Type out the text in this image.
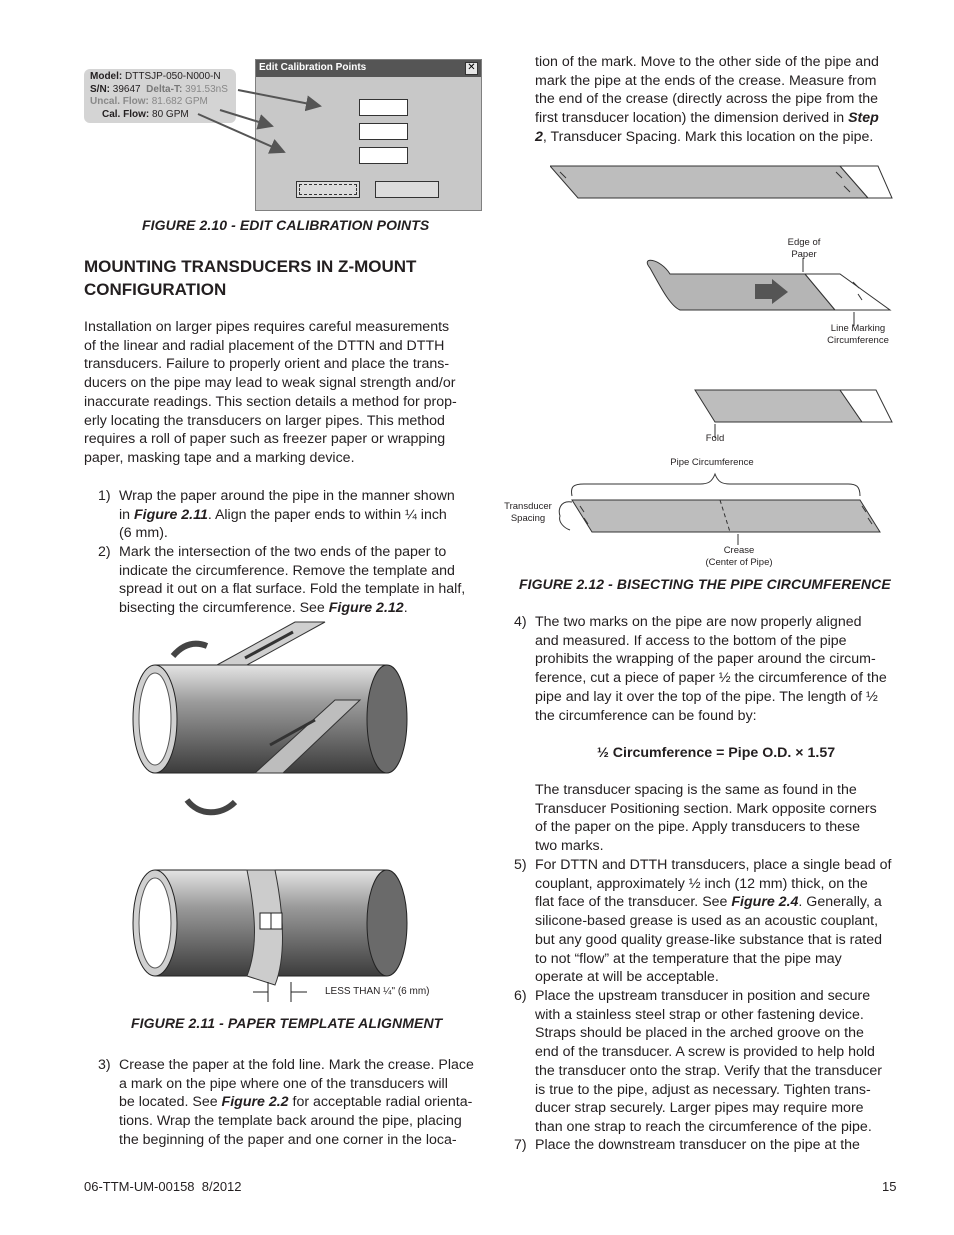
Edit Calibration Points	✕
Model: DTTSJP-050-N000-N
S/N: 39647 Delta-T: 391.53nS
Uncal. Flow: 81.682 GPM
Cal. Flow: 80 GPM
FIGURE 2.10 - EDIT CALIBRATION POINTS
MOUNTING TRANSDUCERS IN Z-MOUNT
CONFIGURATION
Installation on larger pipes requires careful measurements
of the linear and radial placement of the DTTN and DTTH
transducers. Failure to properly orient and place the trans-
ducers on the pipe may lead to weak signal strength and/or
inaccurate readings. This section details a method for prop-
erly locating the transducers on larger pipes. This method
requires a roll of paper such as freezer paper or wrapping
paper, masking tape and a marking device.
1) Wrap the paper around the pipe in the manner shown
in Figure 2.11. Align the paper ends to within ¼ inch
(6 mm).
2) Mark the intersection of the two ends of the paper to
indicate the circumference. Remove the template and
spread it out on a flat surface. Fold the template in half,
bisecting the circumference. See Figure 2.12.
LESS THAN ¼" (6 mm)
FIGURE 2.11 - PAPER TEMPLATE ALIGNMENT
3) Crease the paper at the fold line. Mark the crease. Place
a mark on the pipe where one of the transducers will
be located. See Figure 2.2 for acceptable radial orienta-
tions. Wrap the template back around the pipe, placing
the beginning of the paper and one corner in the loca-
tion of the mark. Move to the other side of the pipe and
mark the pipe at the ends of the crease. Measure from
the end of the crease (directly across the pipe from the
first transducer location) the dimension derived in Step
2, Transducer Spacing. Mark this location on the pipe.
Edge of
Paper
Line Marking
Circumference
Fold
Pipe Circumference
Transducer
Spacing
Crease
(Center of Pipe)
FIGURE 2.12 - BISECTING THE PIPE CIRCUMFERENCE
4) The two marks on the pipe are now properly aligned
and measured. If access to the bottom of the pipe
prohibits the wrapping of the paper around the circum-
ference, cut a piece of paper ½ the circumference of the
pipe and lay it over the top of the pipe. The length of ½
the circumference can be found by:
½ Circumference = Pipe O.D. × 1.57
The transducer spacing is the same as found in the
Transducer Positioning section. Mark opposite corners
of the paper on the pipe. Apply transducers to these
two marks.
5) For DTTN and DTTH transducers, place a single bead of
couplant, approximately ½ inch (12 mm) thick, on the
flat face of the transducer. See Figure 2.4. Generally, a
silicone-based grease is used as an acoustic couplant,
but any good quality grease-like substance that is rated
to not “flow” at the temperature that the pipe may
operate at will be acceptable.
6) Place the upstream transducer in position and secure
with a stainless steel strap or other fastening device.
Straps should be placed in the arched groove on the
end of the transducer. A screw is provided to help hold
the transducer onto the strap. Verify that the transducer
is true to the pipe, adjust as necessary. Tighten trans-
ducer strap securely. Larger pipes may require more
than one strap to reach the circumference of the pipe.
7) Place the downstream transducer on the pipe at the
06-TTM-UM-00158  8/2012	15
